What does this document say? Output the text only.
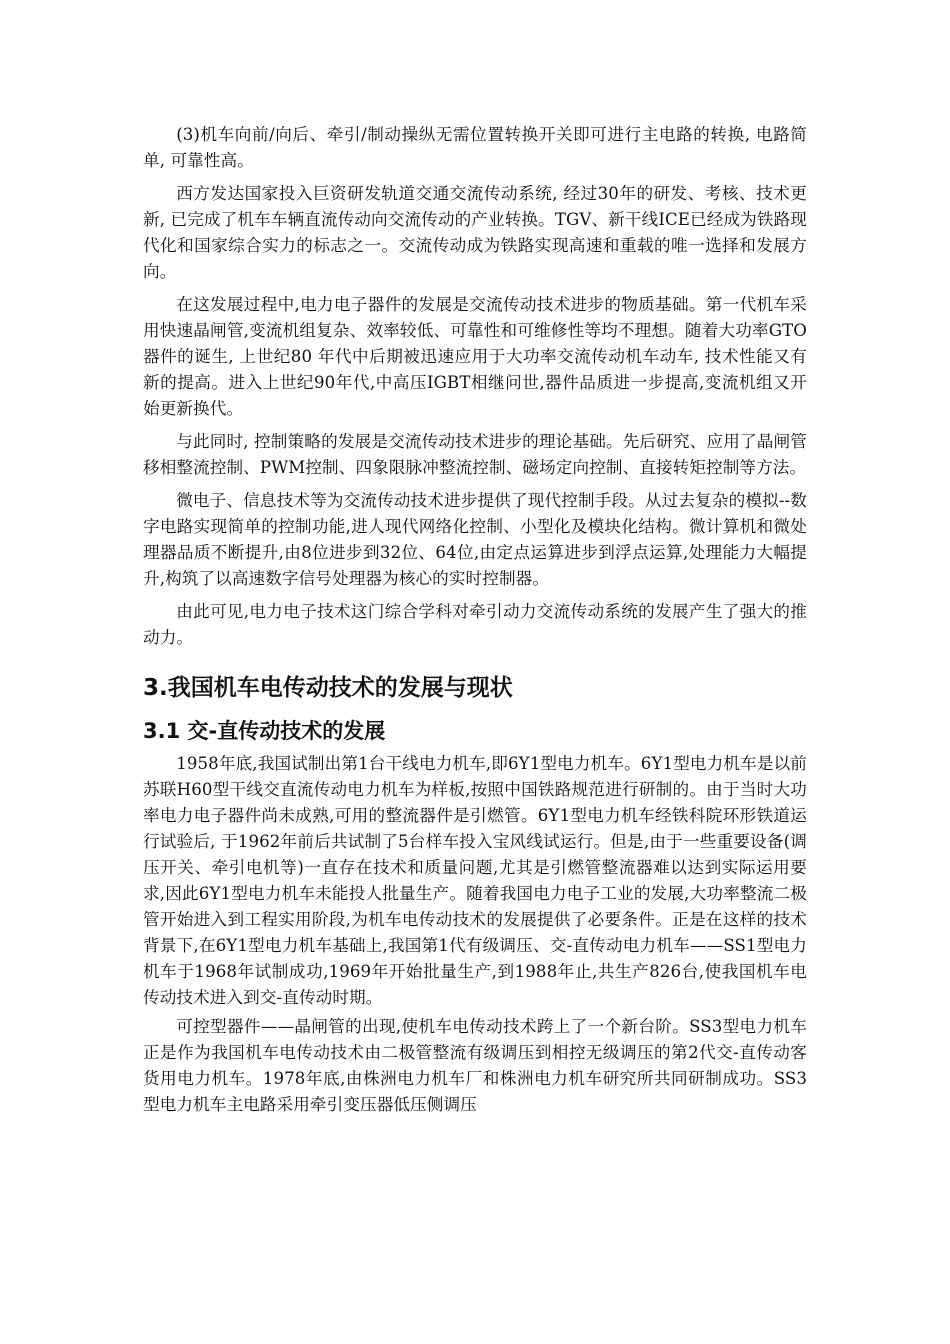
(3)机车向前/向后、牵引/制动操纵无需位置转换开关即可进行主电路的转换, 电路简单, 可靠性高。

西方发达国家投入巨资研发轨道交通交流传动系统, 经过30年的研发、考核、技术更新, 已完成了机车车辆直流传动向交流传动的产业转换。TGV、新干线ICE已经成为铁路现代化和国家综合实力的标志之一。交流传动成为铁路实现高速和重载的唯一选择和发展方向。

在这发展过程中,电力电子器件的发展是交流传动技术进步的物质基础。第一代机车采用快速晶闸管,变流机组复杂、效率较低、可靠性和可维修性等均不理想。随着大功率GTO器件的诞生, 上世纪80 年代中后期被迅速应用于大功率交流传动机车动车, 技术性能又有新的提高。进入上世纪90年代,中高压IGBT相继问世,器件品质进一步提高,变流机组又开始更新换代。

与此同时, 控制策略的发展是交流传动技术进步的理论基础。先后研究、应用了晶闸管移相整流控制、PWM控制、四象限脉冲整流控制、磁场定向控制、直接转矩控制等方法。

微电子、信息技术等为交流传动技术进步提供了现代控制手段。从过去复杂的模拟--数字电路实现简单的控制功能,进人现代网络化控制、小型化及模块化结构。微计算机和微处理器品质不断提升,由8位进步到32位、64位,由定点运算进步到浮点运算,处理能力大幅提升,构筑了以高速数字信号处理器为核心的实时控制器。

由此可见,电力电子技术这门综合学科对牵引动力交流传动系统的发展产生了强大的推动力。

3.我国机车电传动技术的发展与现状
3.1 交-直传动技术的发展

1958年底,我国试制出第1台干线电力机车,即6Y1型电力机车。6Y1型电力机车是以前苏联H60型干线交直流传动电力机车为样板,按照中国铁路规范进行研制的。由于当时大功率电力电子器件尚未成熟,可用的整流器件是引燃管。6Y1型电力机车经铁科院环形铁道运行试验后, 于1962年前后共试制了5台样车投入宝风线试运行。但是,由于一些重要设备(调压开关、牵引电机等)一直存在技术和质量问题,尤其是引燃管整流器难以达到实际运用要求,因此6Y1型电力机车未能投人批量生产。随着我国电力电子工业的发展,大功率整流二极管开始进入到工程实用阶段,为机车电传动技术的发展提供了必要条件。正是在这样的技术背景下,在6Y1型电力机车基础上,我国第1代有级调压、交-直传动电力机车——SS1型电力机车于1968年试制成功,1969年开始批量生产,到1988年止,共生产826台,使我国机车电传动技术进入到交-直传动时期。

可控型器件——晶闸管的出现,使机车电传动技术跨上了一个新台阶。SS3型电力机车正是作为我国机车电传动技术由二极管整流有级调压到相控无级调压的第2代交-直传动客货用电力机车。1978年底,由株洲电力机车厂和株洲电力机车研究所共同研制成功。SS3型电力机车主电路采用牵引变压器低压侧调压
